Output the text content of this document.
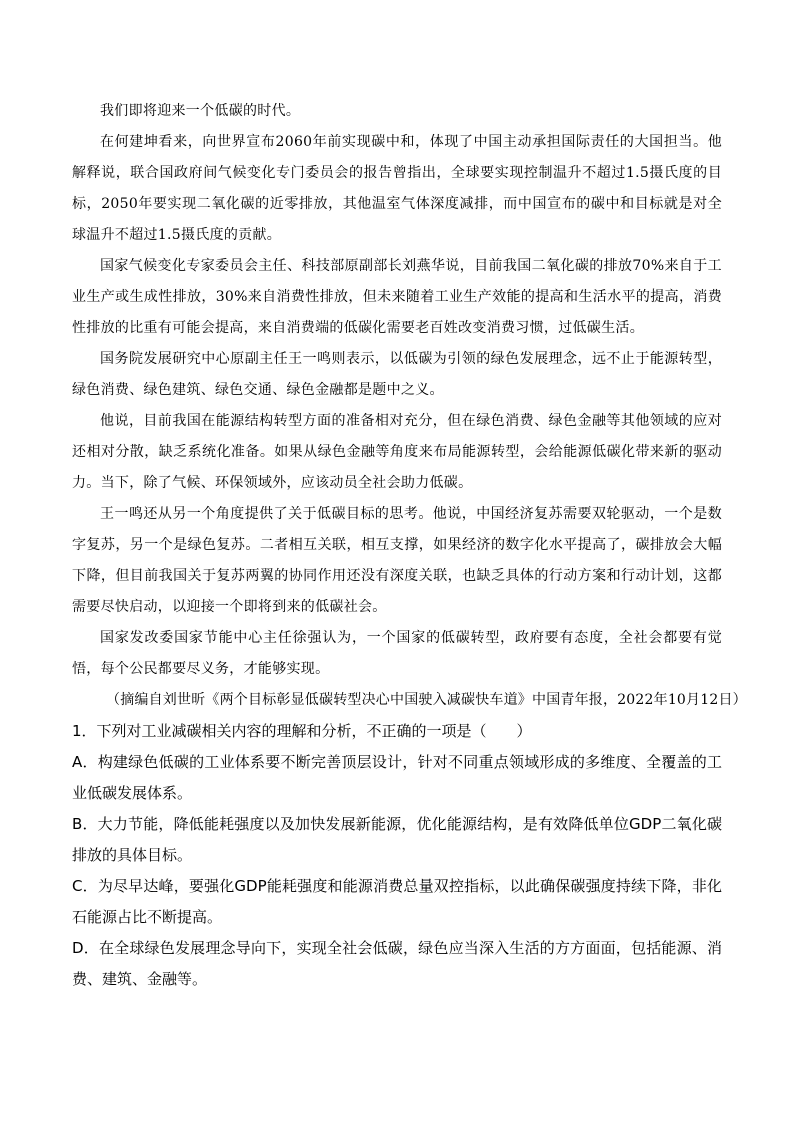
我们即将迎来一个低碳的时代。

在何建坤看来，向世界宣布2060年前实现碳中和，体现了中国主动承担国际责任的大国担当。他解释说，联合国政府间气候变化专门委员会的报告曾指出，全球要实现控制温升不超过1.5摄氏度的目标，2050年要实现二氧化碳的近零排放，其他温室气体深度减排，而中国宣布的碳中和目标就是对全球温升不超过1.5摄氏度的贡献。

国家气候变化专家委员会主任、科技部原副部长刘燕华说，目前我国二氧化碳的排放70%来自于工业生产或生成性排放，30%来自消费性排放，但未来随着工业生产效能的提高和生活水平的提高，消费性排放的比重有可能会提高，来自消费端的低碳化需要老百姓改变消费习惯，过低碳生活。

国务院发展研究中心原副主任王一鸣则表示，以低碳为引领的绿色发展理念，远不止于能源转型，绿色消费、绿色建筑、绿色交通、绿色金融都是题中之义。

他说，目前我国在能源结构转型方面的准备相对充分，但在绿色消费、绿色金融等其他领域的应对还相对分散，缺乏系统化准备。如果从绿色金融等角度来布局能源转型，会给能源低碳化带来新的驱动力。当下，除了气候、环保领域外，应该动员全社会助力低碳。

王一鸣还从另一个角度提供了关于低碳目标的思考。他说，中国经济复苏需要双轮驱动，一个是数字复苏，另一个是绿色复苏。二者相互关联，相互支撑，如果经济的数字化水平提高了，碳排放会大幅下降，但目前我国关于复苏两翼的协同作用还没有深度关联，也缺乏具体的行动方案和行动计划，这都需要尽快启动，以迎接一个即将到来的低碳社会。

国家发改委国家节能中心主任徐强认为，一个国家的低碳转型，政府要有态度，全社会都要有觉悟，每个公民都要尽义务，才能够实现。

（摘编自刘世昕《两个目标彰显低碳转型决心中国驶入减碳快车道》中国青年报，2022年10月12日）

1．下列对工业减碳相关内容的理解和分析，不正确的一项是（　　）

A．构建绿色低碳的工业体系要不断完善顶层设计，针对不同重点领域形成的多维度、全覆盖的工业低碳发展体系。

B．大力节能，降低能耗强度以及加快发展新能源，优化能源结构，是有效降低单位GDP二氧化碳排放的具体目标。

C．为尽早达峰，要强化GDP能耗强度和能源消费总量双控指标，以此确保碳强度持续下降，非化石能源占比不断提高。

D．在全球绿色发展理念导向下，实现全社会低碳，绿色应当深入生活的方方面面，包括能源、消费、建筑、金融等。
